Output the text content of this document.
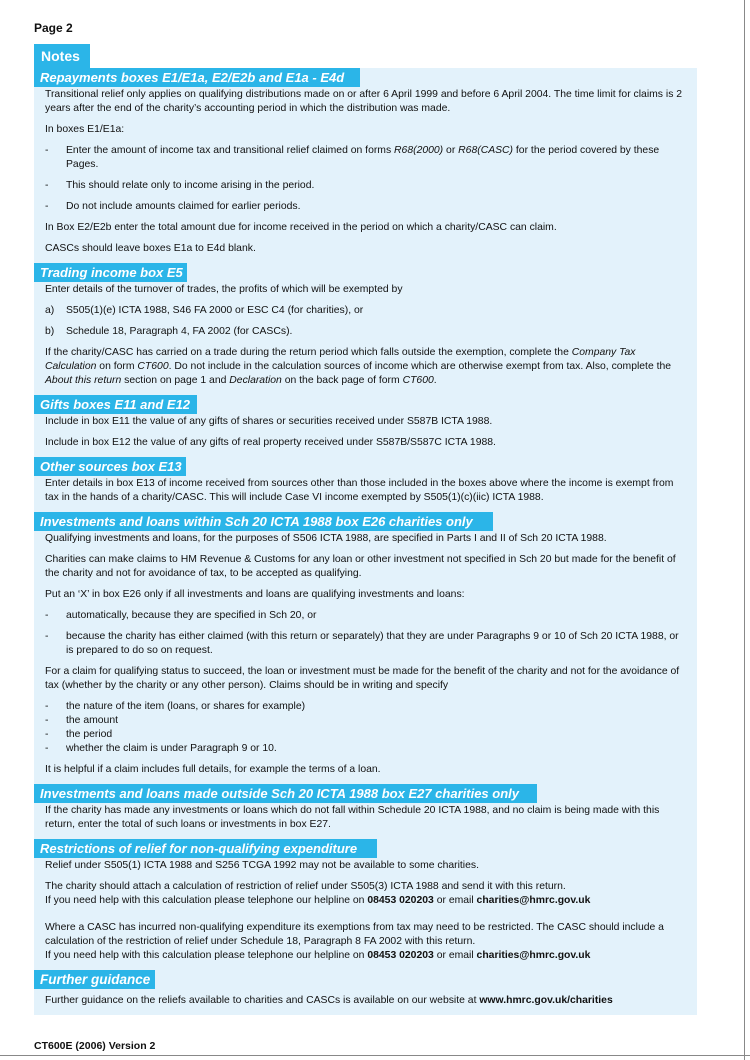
Page 2
Notes
Repayments boxes E1/E1a, E2/E2b and E1a - E4d
Transitional relief only applies on qualifying distributions made on or after 6 April 1999 and before 6 April 2004. The time limit for claims is 2 years after the end of the charity’s accounting period in which the distribution was made.
In boxes E1/E1a:
- Enter the amount of income tax and transitional relief claimed on forms R68(2000) or R68(CASC) for the period covered by these Pages.
- This should relate only to income arising in the period.
- Do not include amounts claimed for earlier periods.
In Box E2/E2b enter the total amount due for income received in the period on which a charity/CASC can claim.
CASCs should leave boxes E1a to E4d blank.
Trading income box E5
Enter details of the turnover of trades, the profits of which will be exempted by
a) S505(1)(e) ICTA 1988, S46 FA 2000 or ESC C4 (for charities), or
b) Schedule 18, Paragraph 4, FA 2002 (for CASCs).
If the charity/CASC has carried on a trade during the return period which falls outside the exemption, complete the Company Tax Calculation on form CT600. Do not include in the calculation sources of income which are otherwise exempt from tax. Also, complete the About this return section on page 1 and Declaration on the back page of form CT600.
Gifts boxes E11 and E12
Include in box E11 the value of any gifts of shares or securities received under S587B ICTA 1988.
Include in box E12 the value of any gifts of real property received under S587B/S587C ICTA 1988.
Other sources box E13
Enter details in box E13 of income received from sources other than those included in the boxes above where the income is exempt from tax in the hands of a charity/CASC. This will include Case VI income exempted by S505(1)(c)(iic) ICTA 1988.
Investments and loans within Sch 20 ICTA 1988 box E26 charities only
Qualifying investments and loans, for the purposes of S506 ICTA 1988, are specified in Parts I and II of Sch 20 ICTA 1988.
Charities can make claims to HM Revenue & Customs for any loan or other investment not specified in Sch 20 but made for the benefit of the charity and not for avoidance of tax, to be accepted as qualifying.
Put an ‘X’ in box E26 only if all investments and loans are qualifying investments and loans:
- automatically, because they are specified in Sch 20, or
- because the charity has either claimed (with this return or separately) that they are under Paragraphs 9 or 10 of Sch 20 ICTA 1988, or is prepared to do so on request.
For a claim for qualifying status to succeed, the loan or investment must be made for the benefit of the charity and not for the avoidance of tax (whether by the charity or any other person). Claims should be in writing and specify
- the nature of the item (loans, or shares for example)
- the amount
- the period
- whether the claim is under Paragraph 9 or 10.
It is helpful if a claim includes full details, for example the terms of a loan.
Investments and loans made outside Sch 20 ICTA 1988 box E27 charities only
If the charity has made any investments or loans which do not fall within Schedule 20 ICTA 1988, and no claim is being made with this return, enter the total of such loans or investments in box E27.
Restrictions of relief for non-qualifying expenditure
Relief under S505(1) ICTA 1988 and S256 TCGA 1992 may not be available to some charities.
The charity should attach a calculation of restriction of relief under S505(3) ICTA 1988 and send it with this return.
If you need help with this calculation please telephone our helpline on 08453 020203 or email charities@hmrc.gov.uk
Where a CASC has incurred non-qualifying expenditure its exemptions from tax may need to be restricted. The CASC should include a calculation of the restriction of relief under Schedule 18, Paragraph 8 FA 2002 with this return.
If you need help with this calculation please telephone our helpline on 08453 020203 or email charities@hmrc.gov.uk
Further guidance
Further guidance on the reliefs available to charities and CASCs is available on our website at www.hmrc.gov.uk/charities
CT600E (2006) Version 2
